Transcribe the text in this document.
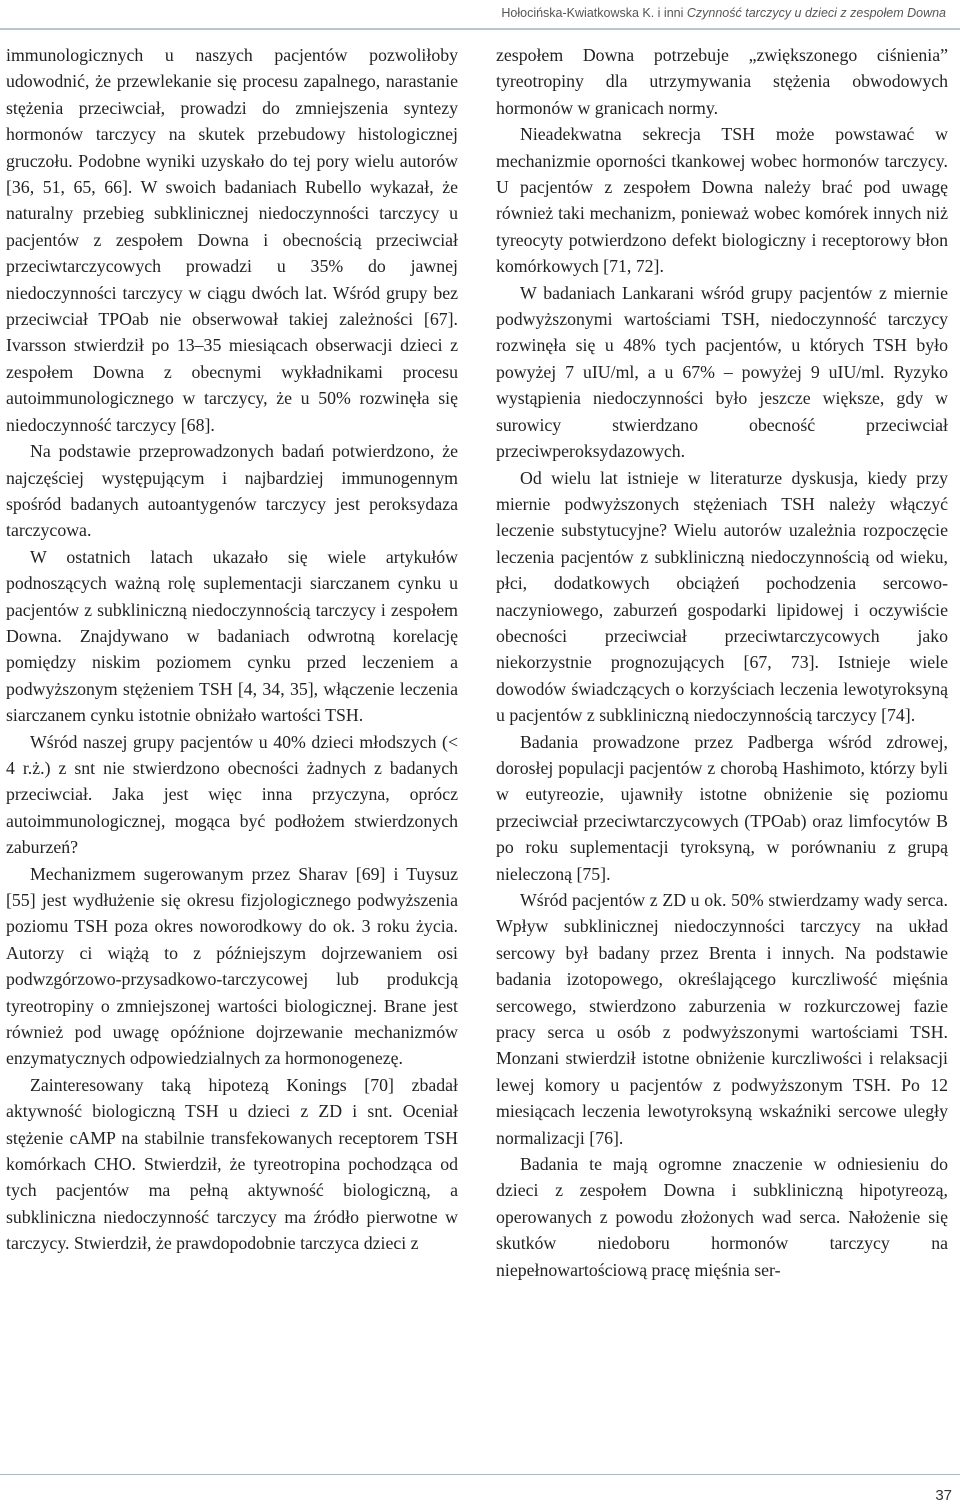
Hołocińska-Kwiatkowska K. i inni Czynność tarczycy u dzieci z zespołem Downa

immunologicznych u naszych pacjentów pozwoliłoby udowodnić, że przewlekanie się procesu zapalnego, narastanie stężenia przeciwciał, prowadzi do zmniejszenia syntezy hormonów tarczycy na skutek przebudowy histologicznej gruczołu. Podobne wyniki uzyskało do tej pory wielu autorów [36, 51, 65, 66]. W swoich badaniach Rubello wykazał, że naturalny przebieg subklinicznej niedoczynności tarczycy u pacjentów z zespołem Downa i obecnością przeciwciał przeciwtarczycowych prowadzi u 35% do jawnej niedoczynności tarczycy w ciągu dwóch lat. Wśród grupy bez przeciwciał TPOab nie obserwował takiej zależności [67]. Ivarsson stwierdził po 13–35 miesiącach obserwacji dzieci z zespołem Downa z obecnymi wykładnikami procesu autoimmunologicznego w tarczycy, że u 50% rozwinęła się niedoczynność tarczycy [68].

Na podstawie przeprowadzonych badań potwierdzono, że najczęściej występującym i najbardziej immunogennym spośród badanych autoantygenów tarczycy jest peroksydaza tarczycowa.

W ostatnich latach ukazało się wiele artykułów podnoszących ważną rolę suplementacji siarczanem cynku u pacjentów z subkliniczną niedoczynnością tarczycy i zespołem Downa. Znajdywano w badaniach odwrotną korelację pomiędzy niskim poziomem cynku przed leczeniem a podwyższonym stężeniem TSH [4, 34, 35], włączenie leczenia siarczanem cynku istotnie obniżało wartości TSH.

Wśród naszej grupy pacjentów u 40% dzieci młodszych (< 4 r.ż.) z snt nie stwierdzono obecności żadnych z badanych przeciwciał. Jaka jest więc inna przyczyna, oprócz autoimmunologicznej, mogąca być podłożem stwierdzonych zaburzeń?

Mechanizmem sugerowanym przez Sharav [69] i Tuysuz [55] jest wydłużenie się okresu fizjologicznego podwyższenia poziomu TSH poza okres noworodkowy do ok. 3 roku życia. Autorzy ci wiążą to z późniejszym dojrzewaniem osi podwzgórzowo-przysadkowo-tarczycowej lub produkcją tyreotropiny o zmniejszonej wartości biologicznej. Brane jest również pod uwagę opóźnione dojrzewanie mechanizmów enzymatycznych odpowiedzialnych za hormonogenezę.

Zainteresowany taką hipotezą Konings [70] zbadał aktywność biologiczną TSH u dzieci z ZD i snt. Oceniał stężenie cAMP na stabilnie transfekowanych receptorem TSH komórkach CHO. Stwierdził, że tyreotropina pochodząca od tych pacjentów ma pełną aktywność biologiczną, a subkliniczna niedoczynność tarczycy ma źródło pierwotne w tarczycy. Stwierdził, że prawdopodobnie tarczyca dzieci z

zespołem Downa potrzebuje „zwiększonego ciśnienia” tyreotropiny dla utrzymywania stężenia obwodowych hormonów w granicach normy.

Nieadekwatna sekrecja TSH może powstawać w mechanizmie oporności tkankowej wobec hormonów tarczycy. U pacjentów z zespołem Downa należy brać pod uwagę również taki mechanizm, ponieważ wobec komórek innych niż tyreocyty potwierdzono defekt biologiczny i receptorowy błon komórkowych [71, 72].

W badaniach Lankarani wśród grupy pacjentów z miernie podwyższonymi wartościami TSH, niedoczynność tarczycy rozwinęła się u 48% tych pacjentów, u których TSH było powyżej 7 uIU/ml, a u 67% – powyżej 9 uIU/ml. Ryzyko wystąpienia niedoczynności było jeszcze większe, gdy w surowicy stwierdzano obecność przeciwciał przeciwperoksydazowych.

Od wielu lat istnieje w literaturze dyskusja, kiedy przy miernie podwyższonych stężeniach TSH należy włączyć leczenie substytucyjne? Wielu autorów uzależnia rozpoczęcie leczenia pacjentów z subkliniczną niedoczynnością od wieku, płci, dodatkowych obciążeń pochodzenia sercowo-naczyniowego, zaburzeń gospodarki lipidowej i oczywiście obecności przeciwciał przeciwtarczycowych jako niekorzystnie prognozujących [67, 73]. Istnieje wiele dowodów świadczących o korzyściach leczenia lewotyroksyną u pacjentów z subkliniczną niedoczynnością tarczycy [74].

Badania prowadzone przez Padberga wśród zdrowej, dorosłej populacji pacjentów z chorobą Hashimoto, którzy byli w eutyreozie, ujawniły istotne obniżenie się poziomu przeciwciał przeciwtarczycowych (TPOab) oraz limfocytów B po roku suplementacji tyroksyną, w porównaniu z grupą nieleczoną [75].

Wśród pacjentów z ZD u ok. 50% stwierdzamy wady serca. Wpływ subklinicznej niedoczynności tarczycy na układ sercowy był badany przez Brenta i innych. Na podstawie badania izotopowego, określającego kurczliwość mięśnia sercowego, stwierdzono zaburzenia w rozkurczowej fazie pracy serca u osób z podwyższonymi wartościami TSH. Monzani stwierdził istotne obniżenie kurczliwości i relaksacji lewej komory u pacjentów z podwyższonym TSH. Po 12 miesiącach leczenia lewotyroksyną wskaźniki sercowe uległy normalizacji [76].

Badania te mają ogromne znaczenie w odniesieniu do dzieci z zespołem Downa i subkliniczną hipotyreozą, operowanych z powodu złożonych wad serca. Nałożenie się skutków niedoboru hormonów tarczycy na niepełnowartościową pracę mięśnia ser-

37
